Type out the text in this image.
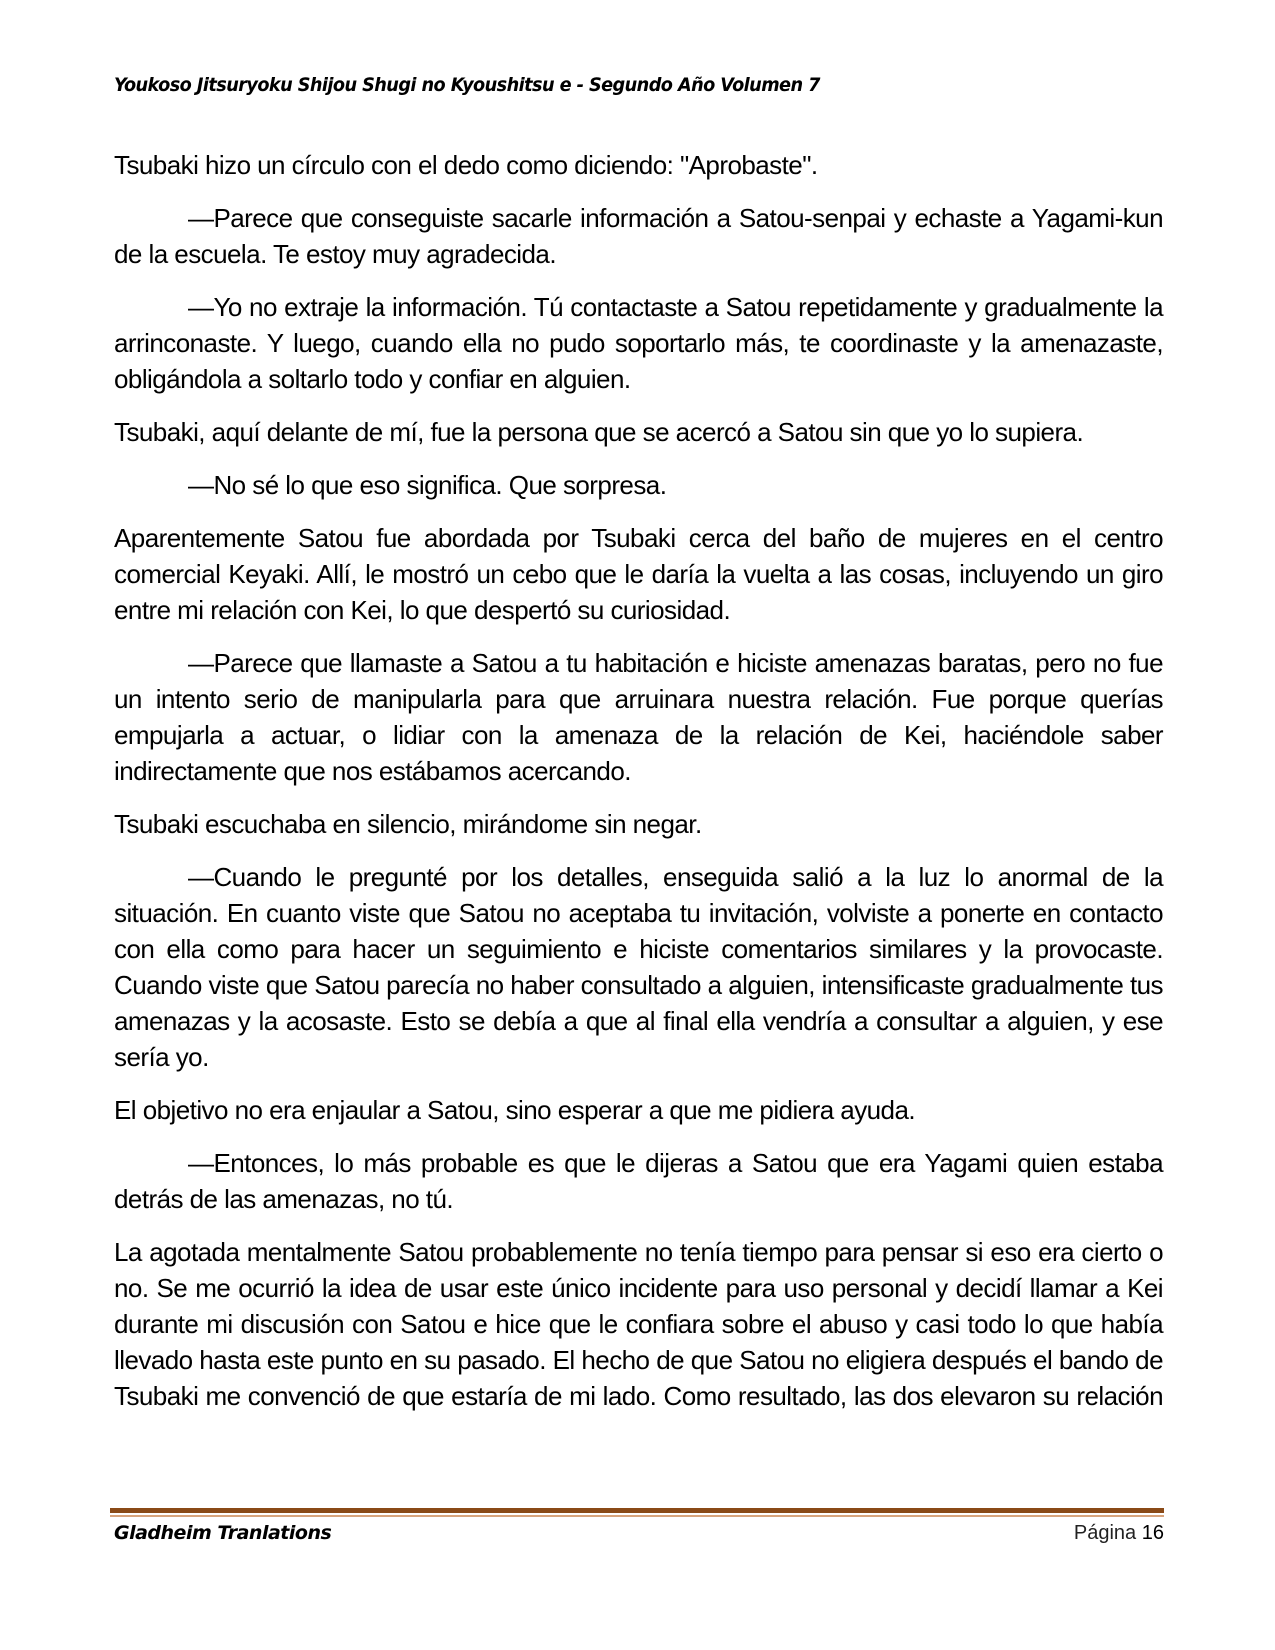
Youkoso Jitsuryoku Shijou Shugi no Kyoushitsu e - Segundo Año Volumen 7

Tsubaki hizo un círculo con el dedo como diciendo: "Aprobaste".

—Parece que conseguiste sacarle información a Satou-senpai y echaste a Yagami-kun de la escuela. Te estoy muy agradecida.

—Yo no extraje la información. Tú contactaste a Satou repetidamente y gradualmente la arrinconaste. Y luego, cuando ella no pudo soportarlo más, te coordinaste y la amenazaste, obligándola a soltarlo todo y confiar en alguien.

Tsubaki, aquí delante de mí, fue la persona que se acercó a Satou sin que yo lo supiera.

—No sé lo que eso significa. Que sorpresa.

Aparentemente Satou fue abordada por Tsubaki cerca del baño de mujeres en el centro comercial Keyaki. Allí, le mostró un cebo que le daría la vuelta a las cosas, incluyendo un giro entre mi relación con Kei, lo que despertó su curiosidad.

—Parece que llamaste a Satou a tu habitación e hiciste amenazas baratas, pero no fue un intento serio de manipularla para que arruinara nuestra relación. Fue porque querías empujarla a actuar, o lidiar con la amenaza de la relación de Kei, haciéndole saber indirectamente que nos estábamos acercando.

Tsubaki escuchaba en silencio, mirándome sin negar.

—Cuando le pregunté por los detalles, enseguida salió a la luz lo anormal de la situación. En cuanto viste que Satou no aceptaba tu invitación, volviste a ponerte en contacto con ella como para hacer un seguimiento e hiciste comentarios similares y la provocaste. Cuando viste que Satou parecía no haber consultado a alguien, intensificaste gradualmente tus amenazas y la acosaste. Esto se debía a que al final ella vendría a consultar a alguien, y ese sería yo.

El objetivo no era enjaular a Satou, sino esperar a que me pidiera ayuda.

—Entonces, lo más probable es que le dijeras a Satou que era Yagami quien estaba detrás de las amenazas, no tú.

La agotada mentalmente Satou probablemente no tenía tiempo para pensar si eso era cierto o no. Se me ocurrió la idea de usar este único incidente para uso personal y decidí llamar a Kei durante mi discusión con Satou e hice que le confiara sobre el abuso y casi todo lo que había llevado hasta este punto en su pasado. El hecho de que Satou no eligiera después el bando de Tsubaki me convenció de que estaría de mi lado. Como resultado, las dos elevaron su relación

Gladheim Tranlations	Página 16
